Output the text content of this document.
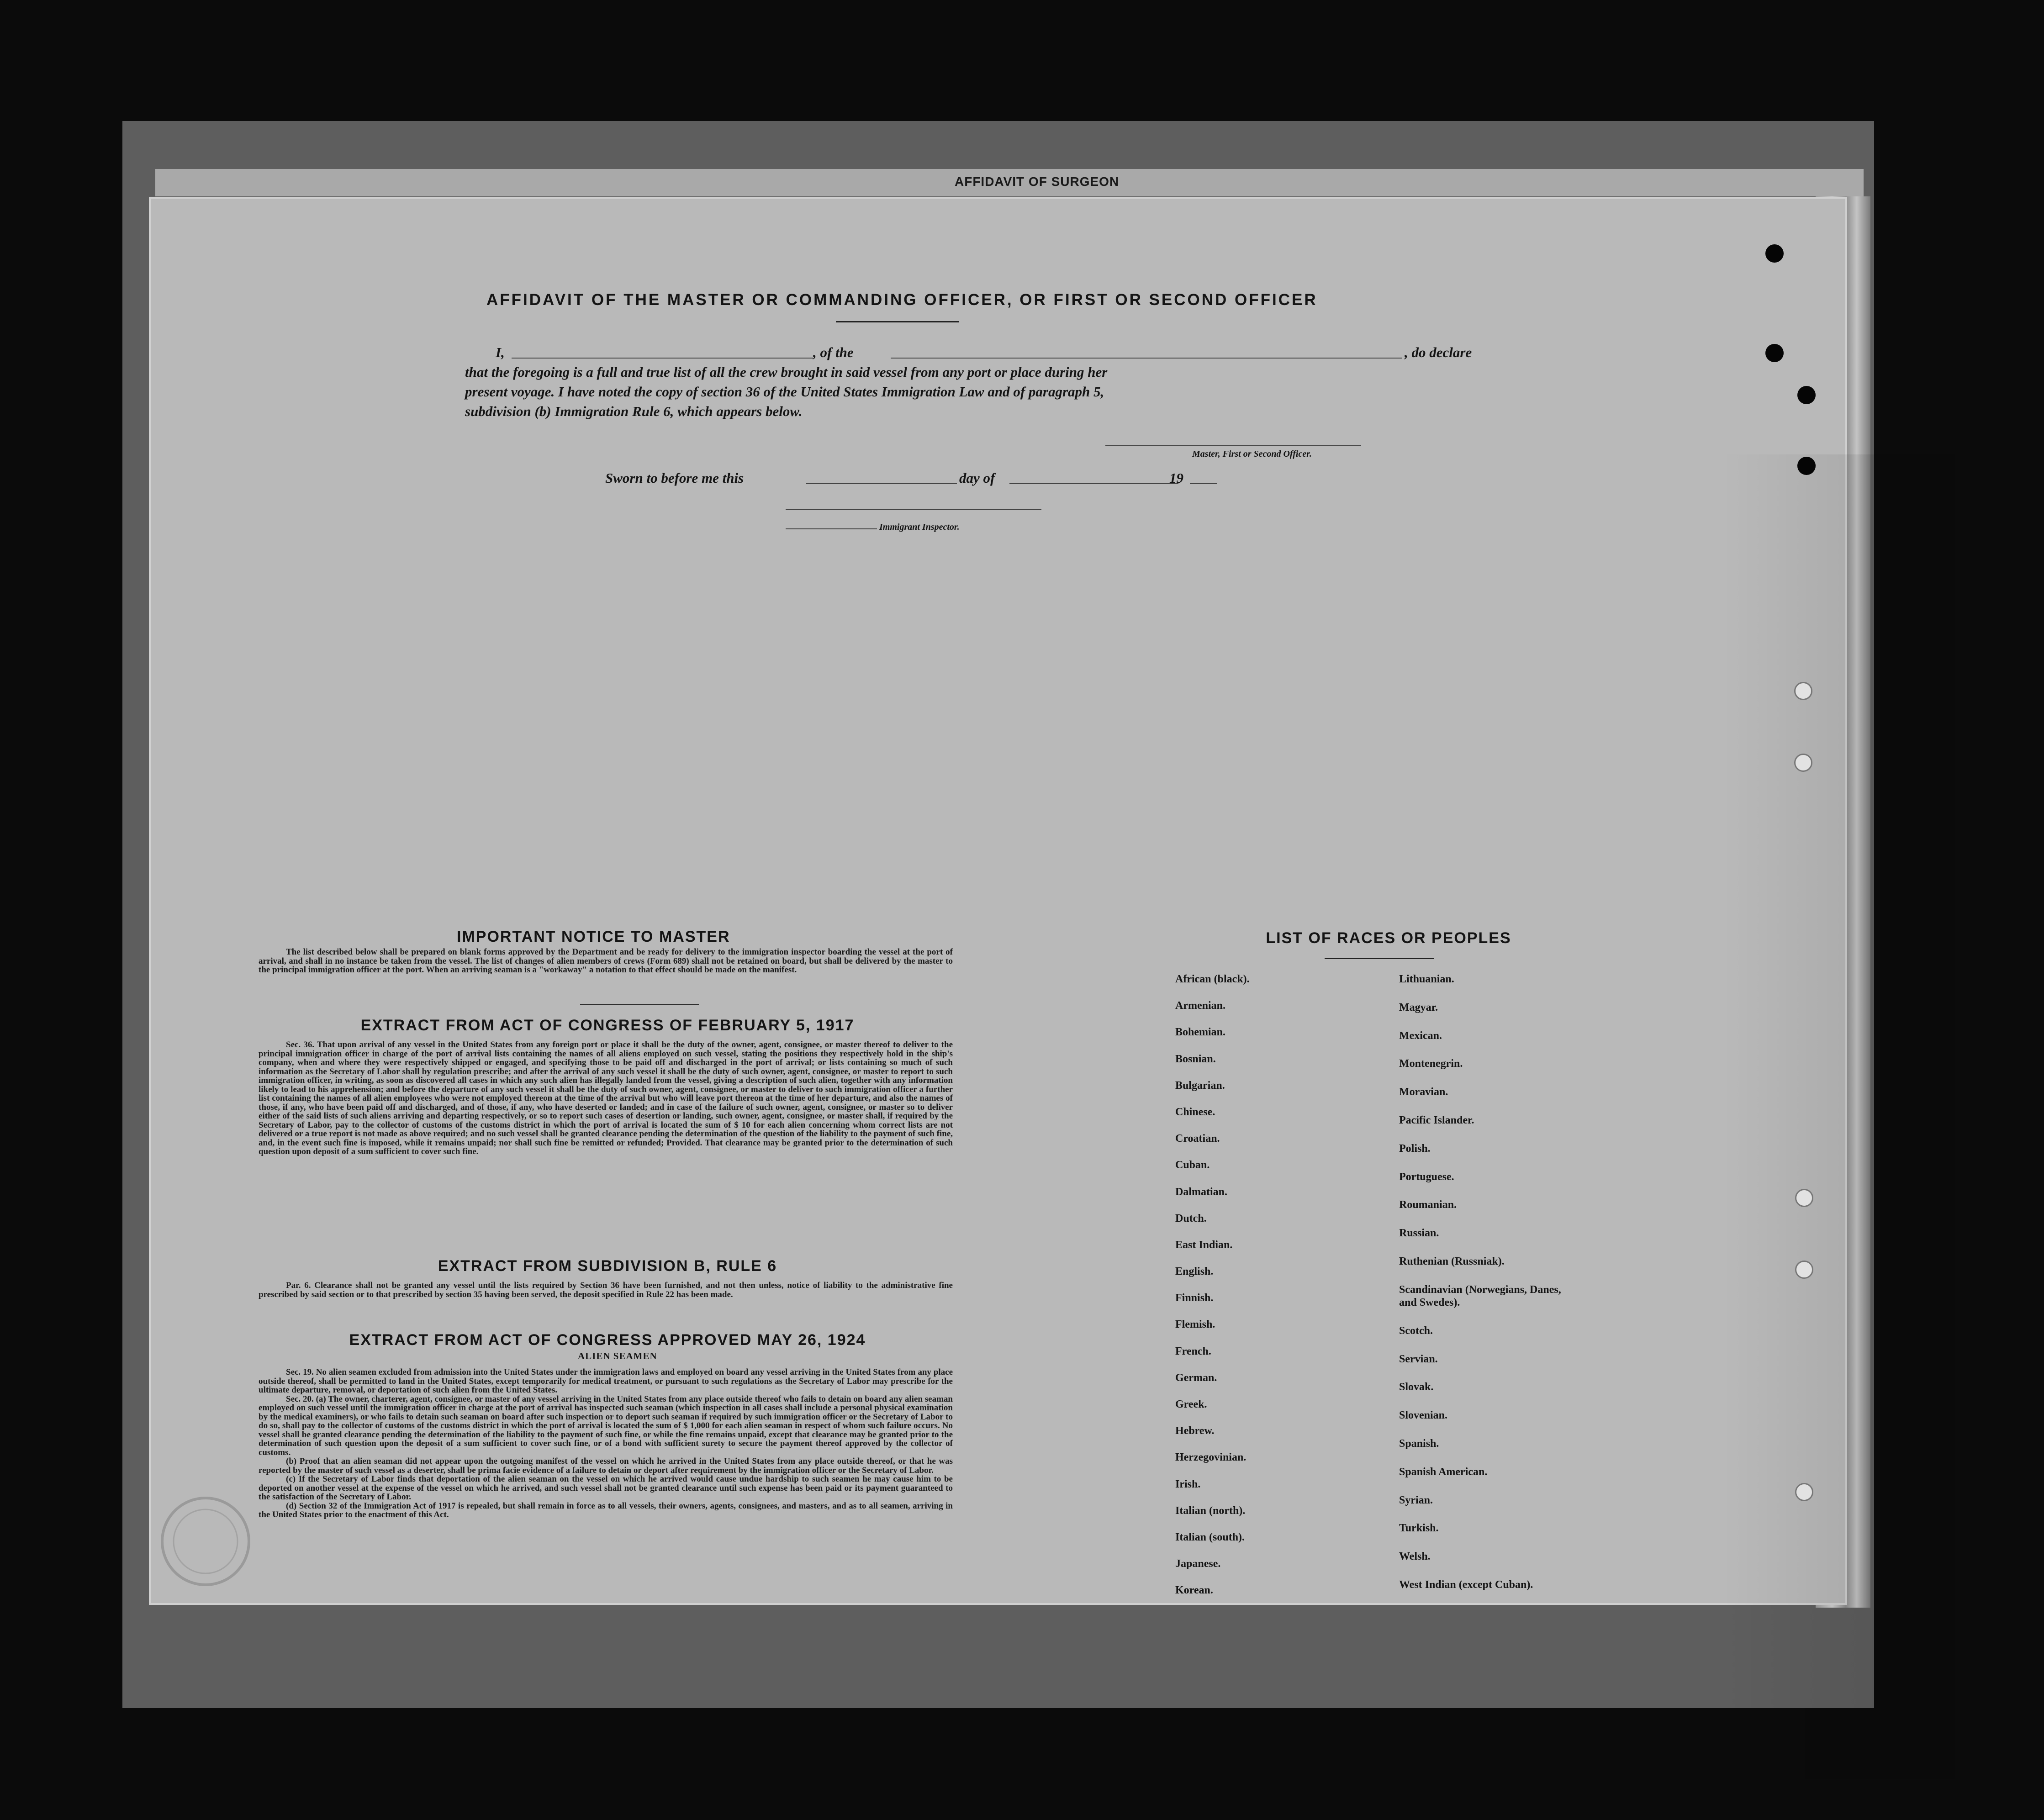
AFFIDAVIT OF SURGEON
AFFIDAVIT OF THE MASTER OR COMMANDING OFFICER, OR FIRST OR SECOND OFFICER
I,	, of the	, do declare
that the foregoing is a full and true list of all the crew brought in said vessel from any port or place during her
present voyage. I have noted the copy of section 36 of the United States Immigration Law and of paragraph 5,
subdivision (b) Immigration Rule 6, which appears below.
Master, First or Second Officer.
Sworn to before me this	day of	19
Immigrant Inspector.
IMPORTANT NOTICE TO MASTER

The list described below shall be prepared on blank forms approved by the Department and be ready for delivery to the immigration inspector boarding the vessel at the port of arrival, and shall in no instance be taken from the vessel. The list of changes of alien members of crews (Form 689) shall not be retained on board, but shall be delivered by the master to the principal immigration officer at the port. When an arriving seaman is a "workaway" a notation to that effect should be made on the manifest.

EXTRACT FROM ACT OF CONGRESS OF FEBRUARY 5, 1917

Sec. 36. That upon arrival of any vessel in the United States from any foreign port or place it shall be the duty of the owner, agent, consignee, or master thereof to deliver to the principal immigration officer in charge of the port of arrival lists containing the names of all aliens employed on such vessel, stating the positions they respectively hold in the ship's company, when and where they were respectively shipped or engaged, and specifying those to be paid off and discharged in the port of arrival; or lists containing so much of such information as the Secretary of Labor shall by regulation prescribe; and after the arrival of any such vessel it shall be the duty of such owner, agent, consignee, or master to report to such immigration officer, in writing, as soon as discovered all cases in which any such alien has illegally landed from the vessel, giving a description of such alien, together with any information likely to lead to his apprehension; and before the departure of any such vessel it shall be the duty of such owner, agent, consignee, or master to deliver to such immigration officer a further list containing the names of all alien employees who were not employed thereon at the time of the arrival but who will leave port thereon at the time of her departure, and also the names of those, if any, who have been paid off and discharged, and of those, if any, who have deserted or landed; and in case of the failure of such owner, agent, consignee, or master so to deliver either of the said lists of such aliens arriving and departing respectively, or so to report such cases of desertion or landing, such owner, agent, consignee, or master shall, if required by the Secretary of Labor, pay to the collector of customs of the customs district in which the port of arrival is located the sum of $ 10 for each alien concerning whom correct lists are not delivered or a true report is not made as above required; and no such vessel shall be granted clearance pending the determination of the question of the liability to the payment of such fine, and, in the event such fine is imposed, while it remains unpaid; nor shall such fine be remitted or refunded; Provided. That clearance may be granted prior to the determination of such question upon deposit of a sum sufficient to cover such fine.

EXTRACT FROM SUBDIVISION B, RULE 6

Par. 6. Clearance shall not be granted any vessel until the lists required by Section 36 have been furnished, and not then unless, notice of liability to the administrative fine prescribed by said section or to that prescribed by section 35 having been served, the deposit specified in Rule 22 has been made.

EXTRACT FROM ACT OF CONGRESS APPROVED MAY 26, 1924
ALIEN SEAMEN

Sec. 19. No alien seamen excluded from admission into the United States under the immigration laws and employed on board any vessel arriving in the United States from any place outside thereof, shall be permitted to land in the United States, except temporarily for medical treatment, or pursuant to such regulations as the Secretary of Labor may prescribe for the ultimate departure, removal, or deportation of such alien from the United States.

Sec. 20. (a) The owner, charterer, agent, consignee, or master of any vessel arriving in the United States from any place outside thereof who fails to detain on board any alien seaman employed on such vessel until the immigration officer in charge at the port of arrival has inspected such seaman (which inspection in all cases shall include a personal physical examination by the medical examiners), or who fails to detain such seaman on board after such inspection or to deport such seaman if required by such immigration officer or the Secretary of Labor to do so, shall pay to the collector of customs of the customs district in which the port of arrival is located the sum of $ 1,000 for each alien seaman in respect of whom such failure occurs. No vessel shall be granted clearance pending the determination of the liability to the payment of such fine, or while the fine remains unpaid, except that clearance may be granted prior to the determination of such question upon the deposit of a sum sufficient to cover such fine, or of a bond with sufficient surety to secure the payment thereof approved by the collector of customs.

(b) Proof that an alien seaman did not appear upon the outgoing manifest of the vessel on which he arrived in the United States from any place outside thereof, or that he was reported by the master of such vessel as a deserter, shall be prima facie evidence of a failure to detain or deport after requirement by the immigration officer or the Secretary of Labor.

(c) If the Secretary of Labor finds that deportation of the alien seaman on the vessel on which he arrived would cause undue hardship to such seamen he may cause him to be deported on another vessel at the expense of the vessel on which he arrived, and such vessel shall not be granted clearance until such expense has been paid or its payment guaranteed to the satisfaction of the Secretary of Labor.

(d) Section 32 of the Immigration Act of 1917 is repealed, but shall remain in force as to all vessels, their owners, agents, consignees, and masters, and as to all seamen, arriving in the United States prior to the enactment of this Act.

LIST OF RACES OR PEOPLES
African (black).
Armenian.
Bohemian.
Bosnian.
Bulgarian.
Chinese.
Croatian.
Cuban.
Dalmatian.
Dutch.
East Indian.
English.
Finnish.
Flemish.
French.
German.
Greek.
Hebrew.
Herzegovinian.
Irish.
Italian (north).
Italian (south).
Japanese.
Korean.
Lithuanian.
Magyar.
Mexican.
Montenegrin.
Moravian.
Pacific Islander.
Polish.
Portuguese.
Roumanian.
Russian.
Ruthenian (Russniak).
Scandinavian (Norwegians, Danes, and Swedes).
Scotch.
Servian.
Slovak.
Slovenian.
Spanish.
Spanish American.
Syrian.
Turkish.
Welsh.
West Indian (except Cuban).
